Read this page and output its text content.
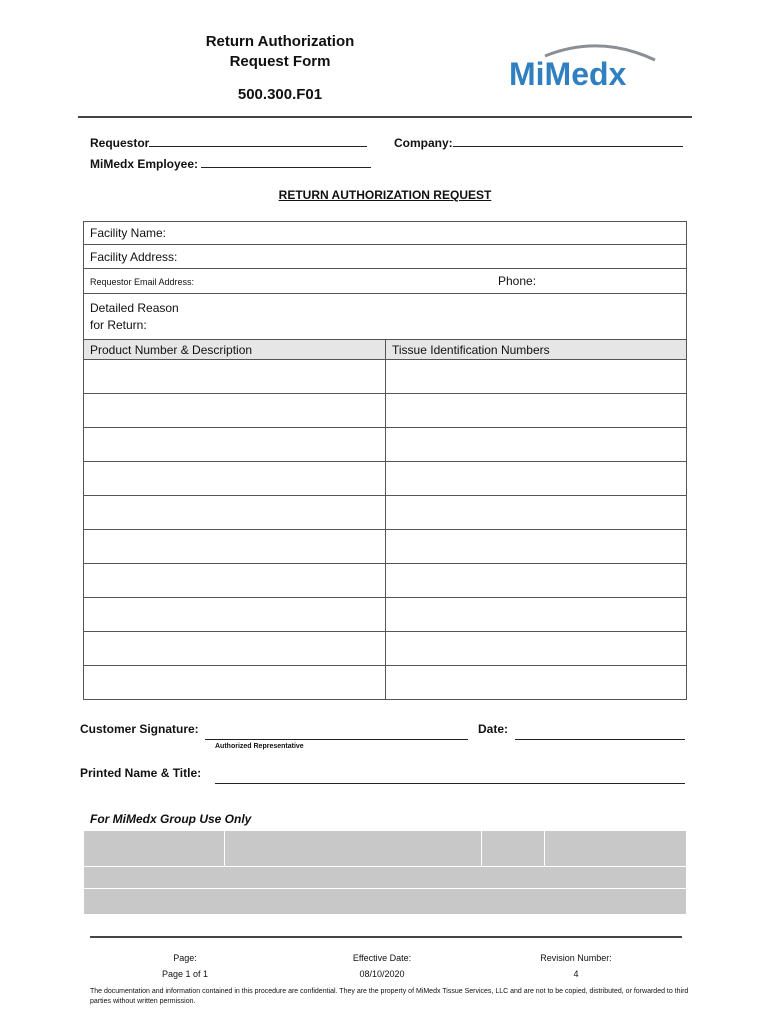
Return Authorization
Request Form
500.300.F01
MiMedx
Requestor	Company:
MiMedx Employee:
RETURN AUTHORIZATION REQUEST
Facility Name:	
Facility Address:	
Requestor Email Address: Phone:	

Detailed Reason
for Return:	

Product Number & Description	Tissue Identification Numbers

Customer Signature:	Date:
Authorized Representative
Printed Name & Title:
For MiMedx Group Use Only

Page:
Page 1 of 1
Effective Date:
08/10/2020
Revision Number:
4
The documentation and information contained in this procedure are confidential. They are the property of MiMedx Tissue Services, LLC and are not to be copied, distributed, or forwarded to third parties without written permission.
